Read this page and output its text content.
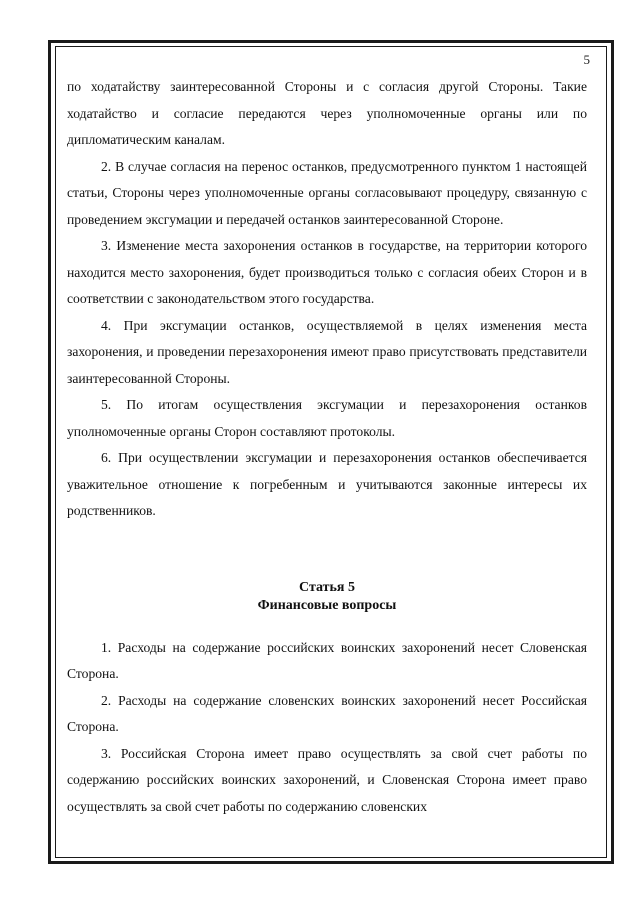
5

по ходатайству заинтересованной Стороны и с согласия другой Стороны. Такие ходатайство и согласие передаются через уполномоченные органы или по дипломатическим каналам.

2. В случае согласия на перенос останков, предусмотренного пунктом 1 настоящей статьи, Стороны через уполномоченные органы согласовывают процедуру, связанную с проведением эксгумации и передачей останков заинтересованной Стороне.

3. Изменение места захоронения останков в государстве, на территории которого находится место захоронения, будет производиться только с согласия обеих Сторон и в соответствии с законодательством этого государства.

4. При эксгумации останков, осуществляемой в целях изменения места захоронения, и проведении перезахоронения имеют право присутствовать представители заинтересованной Стороны.

5. По итогам осуществления эксгумации и перезахоронения останков уполномоченные органы Сторон составляют протоколы.

6. При осуществлении эксгумации и перезахоронения останков обеспечивается уважительное отношение к погребенным и учитываются законные интересы их родственников.

Статья 5
Финансовые вопросы

1. Расходы на содержание российских воинских захоронений несет Словенская Сторона.

2. Расходы на содержание словенских воинских захоронений несет Российская Сторона.

3. Российская Сторона имеет право осуществлять за свой счет работы по содержанию российских воинских захоронений, и Словенская Сторона имеет право осуществлять за свой счет работы по содержанию словенских
